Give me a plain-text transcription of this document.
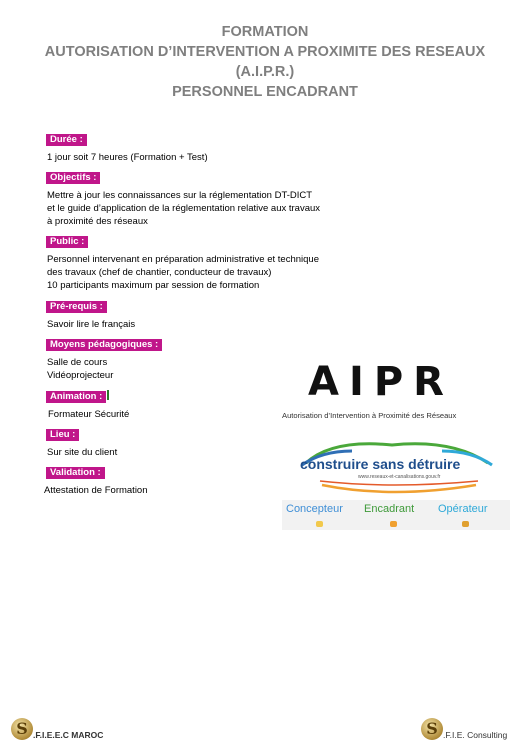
FORMATION
AUTORISATION D’INTERVENTION A PROXIMITE DES RESEAUX
(A.I.P.R.)
PERSONNEL ENCADRANT
Durée :
1 jour soit 7 heures (Formation + Test)
Objectifs :
Mettre à jour les connaissances sur la réglementation DT-DICT
et le guide d’application de la réglementation relative aux travaux
à proximité des réseaux
Public :
Personnel intervenant en préparation administrative et technique
des travaux (chef de chantier, conducteur de travaux)
10 participants maximum par session de formation
Pré-requis :
Savoir lire le français
Moyens pédagogiques :
Salle de cours
Vidéoprojecteur
Animation :
Formateur Sécurité
Lieu :
Sur site du client
Validation :
Attestation de Formation
AIPR
Autorisation d’Intervention à Proximité des Réseaux
construire sans détruire
www.reseaux-et-canalisations.gouv.fr
Concepteur Encadrant Opérateur
S .F.I.E.E.C MAROC	S .F.I.E. Consulting
